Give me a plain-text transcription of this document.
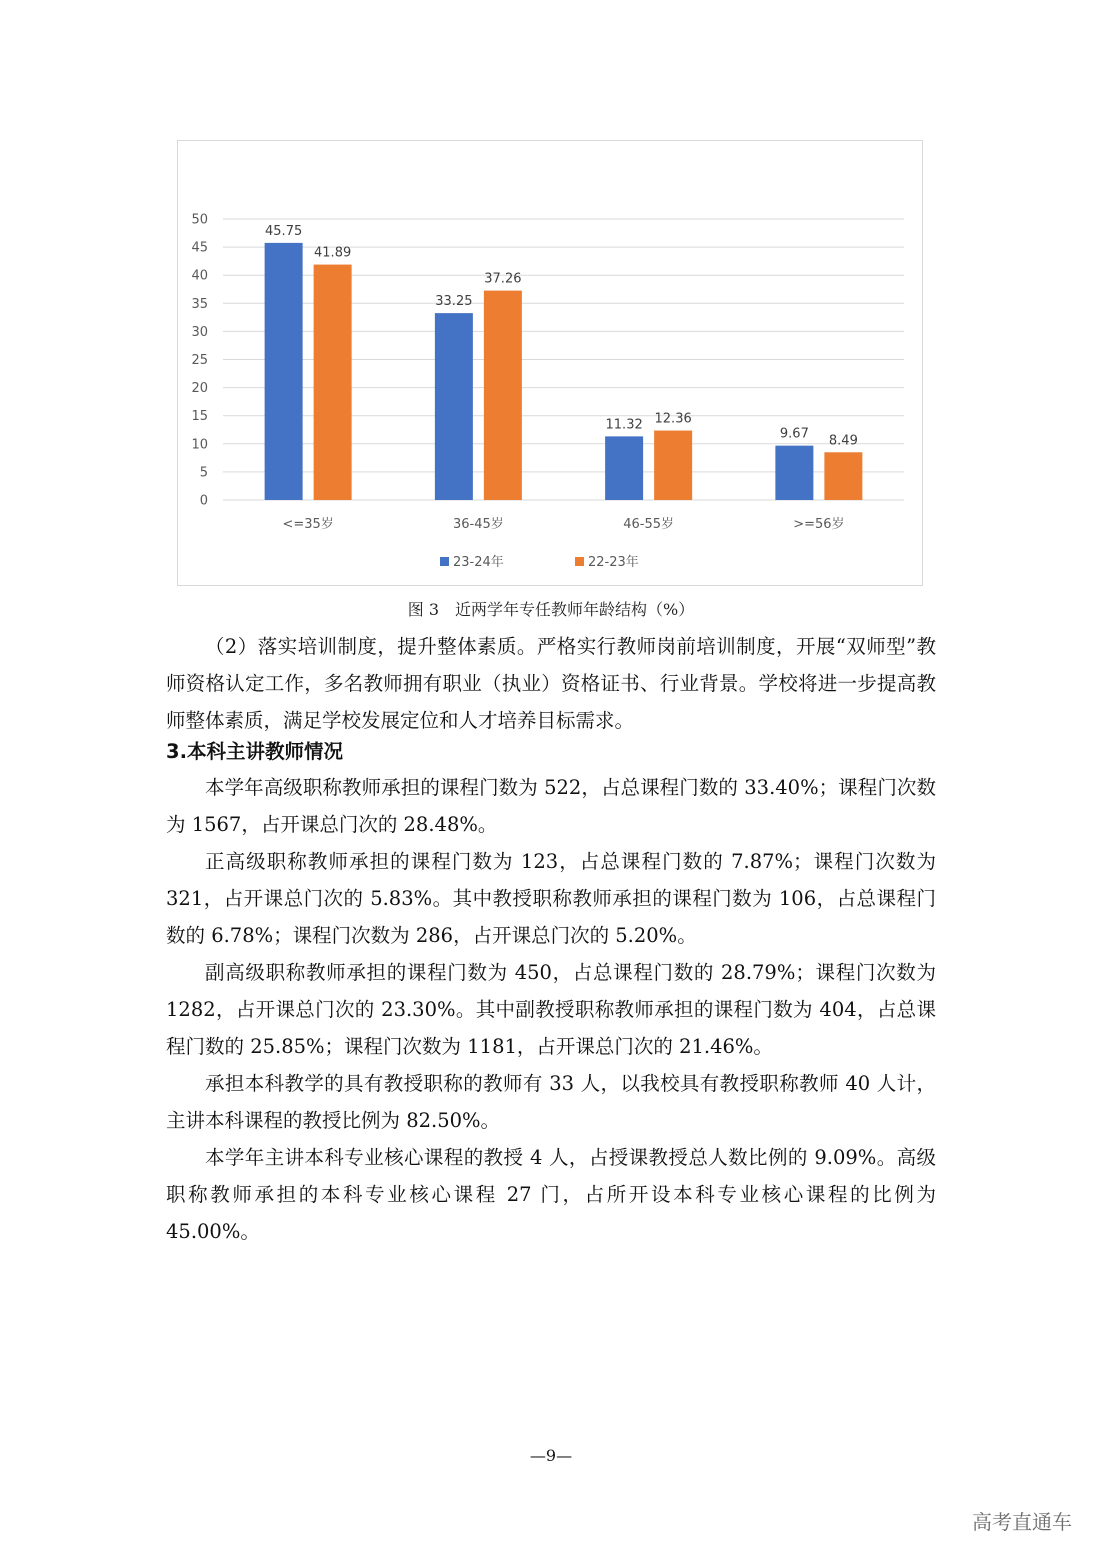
0
5
10
15
20
25
30
35
40
45
50
45.75
41.89
<=35岁
33.25
37.26
36-45岁
11.32 12.36
46-55岁
9.67 8.49
>=56岁
23-24年	22-23年
图 3　近两学年专任教师年龄结构（%）

（2）落实培训制度，提升整体素质。严格实行教师岗前培训制度，开展“双师型”教师资格认定工作，多名教师拥有职业（执业）资格证书、行业背景。学校将进一步提高教师整体素质，满足学校发展定位和人才培养目标需求。

3.本科主讲教师情况

本学年高级职称教师承担的课程门数为 522，占总课程门数的 33.40%；课程门次数为 1567，占开课总门次的 28.48%。

正高级职称教师承担的课程门数为 123，占总课程门数的 7.87%；课程门次数为 321，占开课总门次的 5.83%。其中教授职称教师承担的课程门数为 106，占总课程门数的 6.78%；课程门次数为 286，占开课总门次的 5.20%。

副高级职称教师承担的课程门数为 450，占总课程门数的 28.79%；课程门次数为 1282，占开课总门次的 23.30%。其中副教授职称教师承担的课程门数为 404，占总课程门数的 25.85%；课程门次数为 1181，占开课总门次的 21.46%。

承担本科教学的具有教授职称的教师有 33 人，以我校具有教授职称教师 40 人计，主讲本科课程的教授比例为 82.50%。

本学年主讲本科专业核心课程的教授 4 人，占授课教授总人数比例的 9.09%。高级职称教师承担的本科专业核心课程 27 门，占所开设本科专业核心课程的比例为 45.00%。

—9—
高考直通车
